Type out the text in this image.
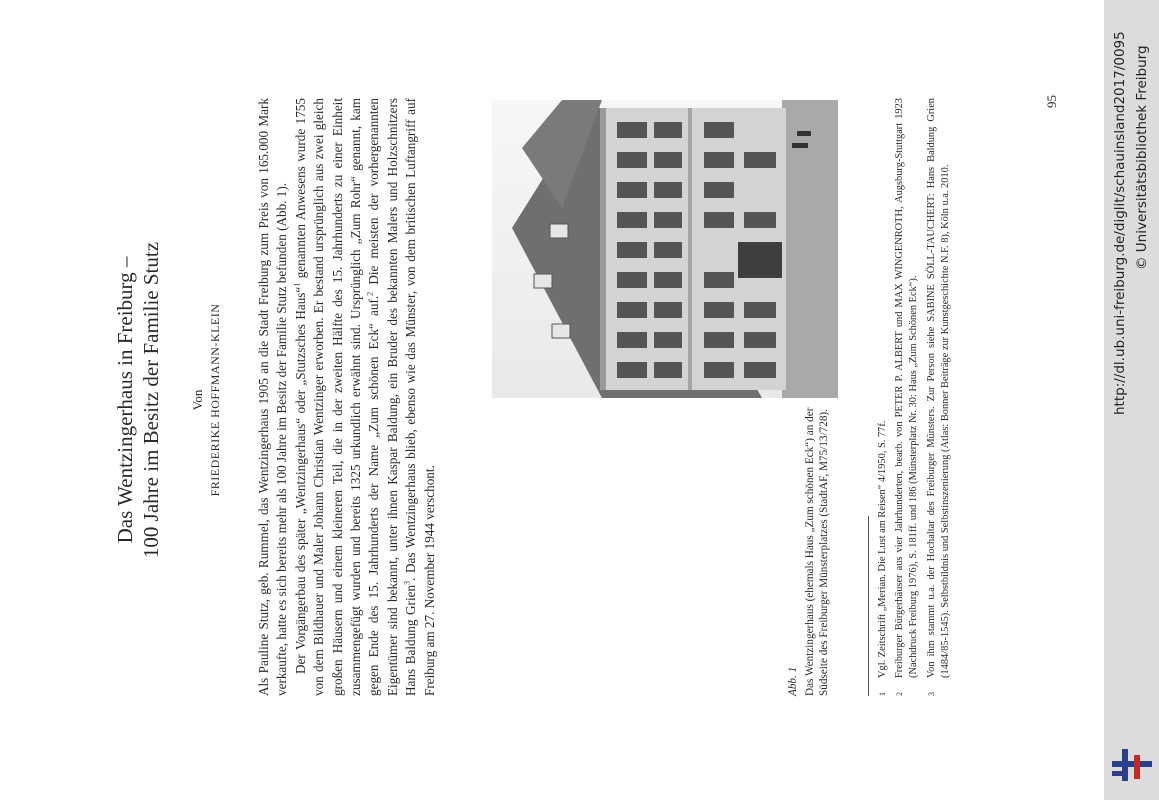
Das Wentzingerhaus in Freiburg – 100 Jahre im Besitz der Familie Stutz Von FRIEDERIKE HOFFMANN-KLEIN	Als Pauline Stutz, geb. Rummel, das Wentzingerhaus 1905 an die Stadt Freiburg zum Preis von 165.000 Mark verkaufte, hatte es sich bereits mehr als 100 Jahre im Besitz der Familie Stutz befunden (Abb. 1). Der Vorgängerbau des später „Wentzingerhaus“ oder „Stutzsches Haus“$^1$ genannten Anwesens wurde 1755 von dem Bildhauer und Maler Johann Christian Wentzinger erworben. Er bestand ursprünglich aus zwei gleich großen Häusern und einem kleineren Teil, die in der zweiten Hälfte des 15. Jahrhunderts zu einer Einheit zusammengefügt wurden und bereits 1325 urkundlich erwähnt sind. Ursprünglich „Zum Rohr“ genannt, kam gegen Ende des 15. Jahrhunderts der Name „Zum schönen Eck“ auf.$^2$ Die meisten der vorhergenannten Eigentümer sind bekannt, unter ihnen Kaspar Baldung, ein Bruder des bekannten Malers und Holzschnitzers Hans Baldung Grien$^3$. Das Wentzingerhaus blieb, ebenso wie das Münster, von dem britischen Luftangriff auf Freiburg am 27. November 1944 verschont.	Abb. 1 Das Wentzingerhaus (ehemals Haus „Zum schönen Eck“) an der Südseite des Freiburger Münsterplatzes (StadtAF, M75/13/728).	1
Vgl. Zeitschrift „Merian. Die Lust am Reisen“ 4/1950, S. 77f.
2
Freiburger Bürgerhäuser aus vier Jahrhunderten, bearb. von PETER P. ALBERT und MAX WINGENROTH, Augsburg-Stuttgart 1923 (Nachdruck Freiburg 1976), S. 181ff. und 186 (Münsterplatz Nr. 30: Haus „Zum Schönen Eck“).
3
Von ihm stammt u.a. der Hochaltar des Freiburger Münsters. Zur Person siehe SABINE SÖLL-TAUCHERT: Hans Baldung Grien (1484/85-1545). Selbstbildnis und Selbstinszenierung (Atlas: Bonner Beiträge zur Kunstgeschichte N.F. 8), Köln u.a. 2010.
95	http://dl.ub.uni-freiburg.de/diglit/schauinsland2017/0095 © Universitätsbibliothek Freiburg
